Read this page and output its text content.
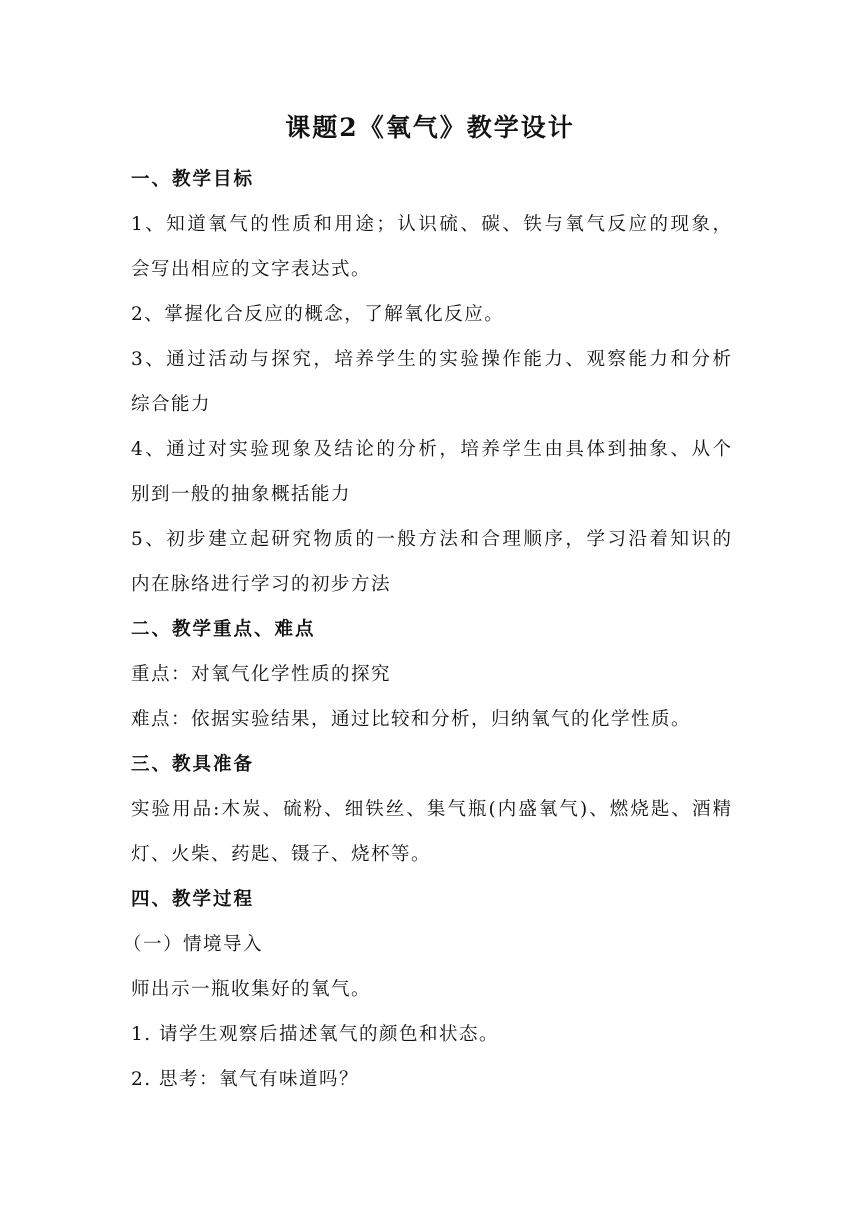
课题2《氧气》教学设计
一、教学目标
1、知道氧气的性质和用途；认识硫、碳、铁与氧气反应的现象，
会写出相应的文字表达式。
2、掌握化合反应的概念，了解氧化反应。
3、通过活动与探究，培养学生的实验操作能力、观察能力和分析
综合能力
4、通过对实验现象及结论的分析，培养学生由具体到抽象、从个
别到一般的抽象概括能力
5、初步建立起研究物质的一般方法和合理顺序，学习沿着知识的
内在脉络进行学习的初步方法
二、教学重点、难点
重点：对氧气化学性质的探究
难点：依据实验结果，通过比较和分析，归纳氧气的化学性质。
三、教具准备
实验用品:木炭、硫粉、细铁丝、集气瓶(内盛氧气)、燃烧匙、酒精
灯、火柴、药匙、镊子、烧杯等。
四、教学过程
（一）情境导入
师出示一瓶收集好的氧气。
1. 请学生观察后描述氧气的颜色和状态。
2. 思考：氧气有味道吗？
